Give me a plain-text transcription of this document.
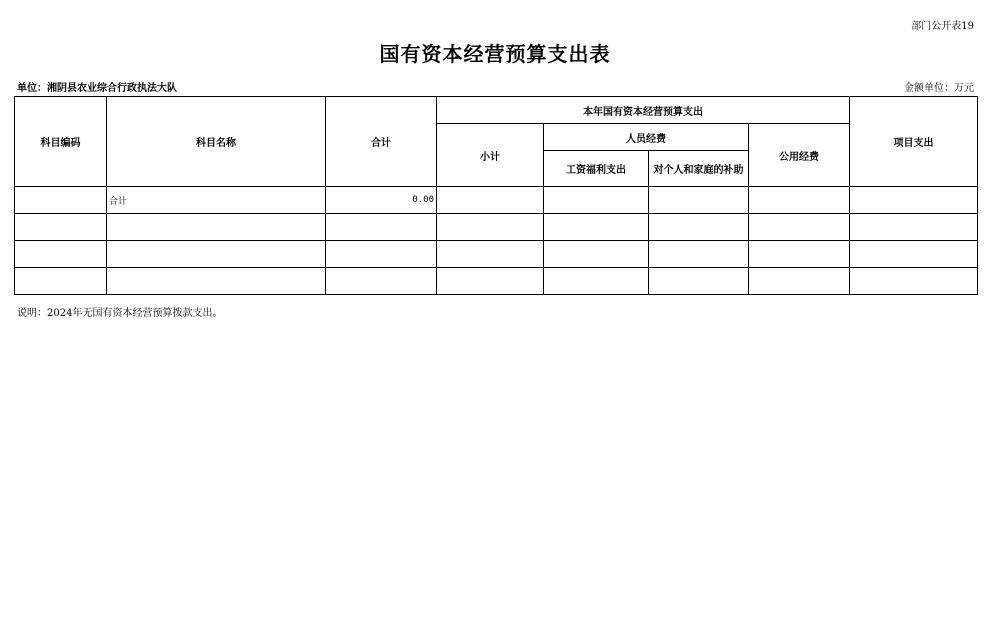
部门公开表19
国有资本经营预算支出表
单位：湘阴县农业综合行政执法大队	金额单位：万元
科目编码	科目名称	合计	本年国有资本经营预算支出				项目支出
			小计	人员经费		公用经费	
				工资福利支出	对个人和家庭的补助		
	合计	0.00					

说明：2024年无国有资本经营预算拨款支出。
